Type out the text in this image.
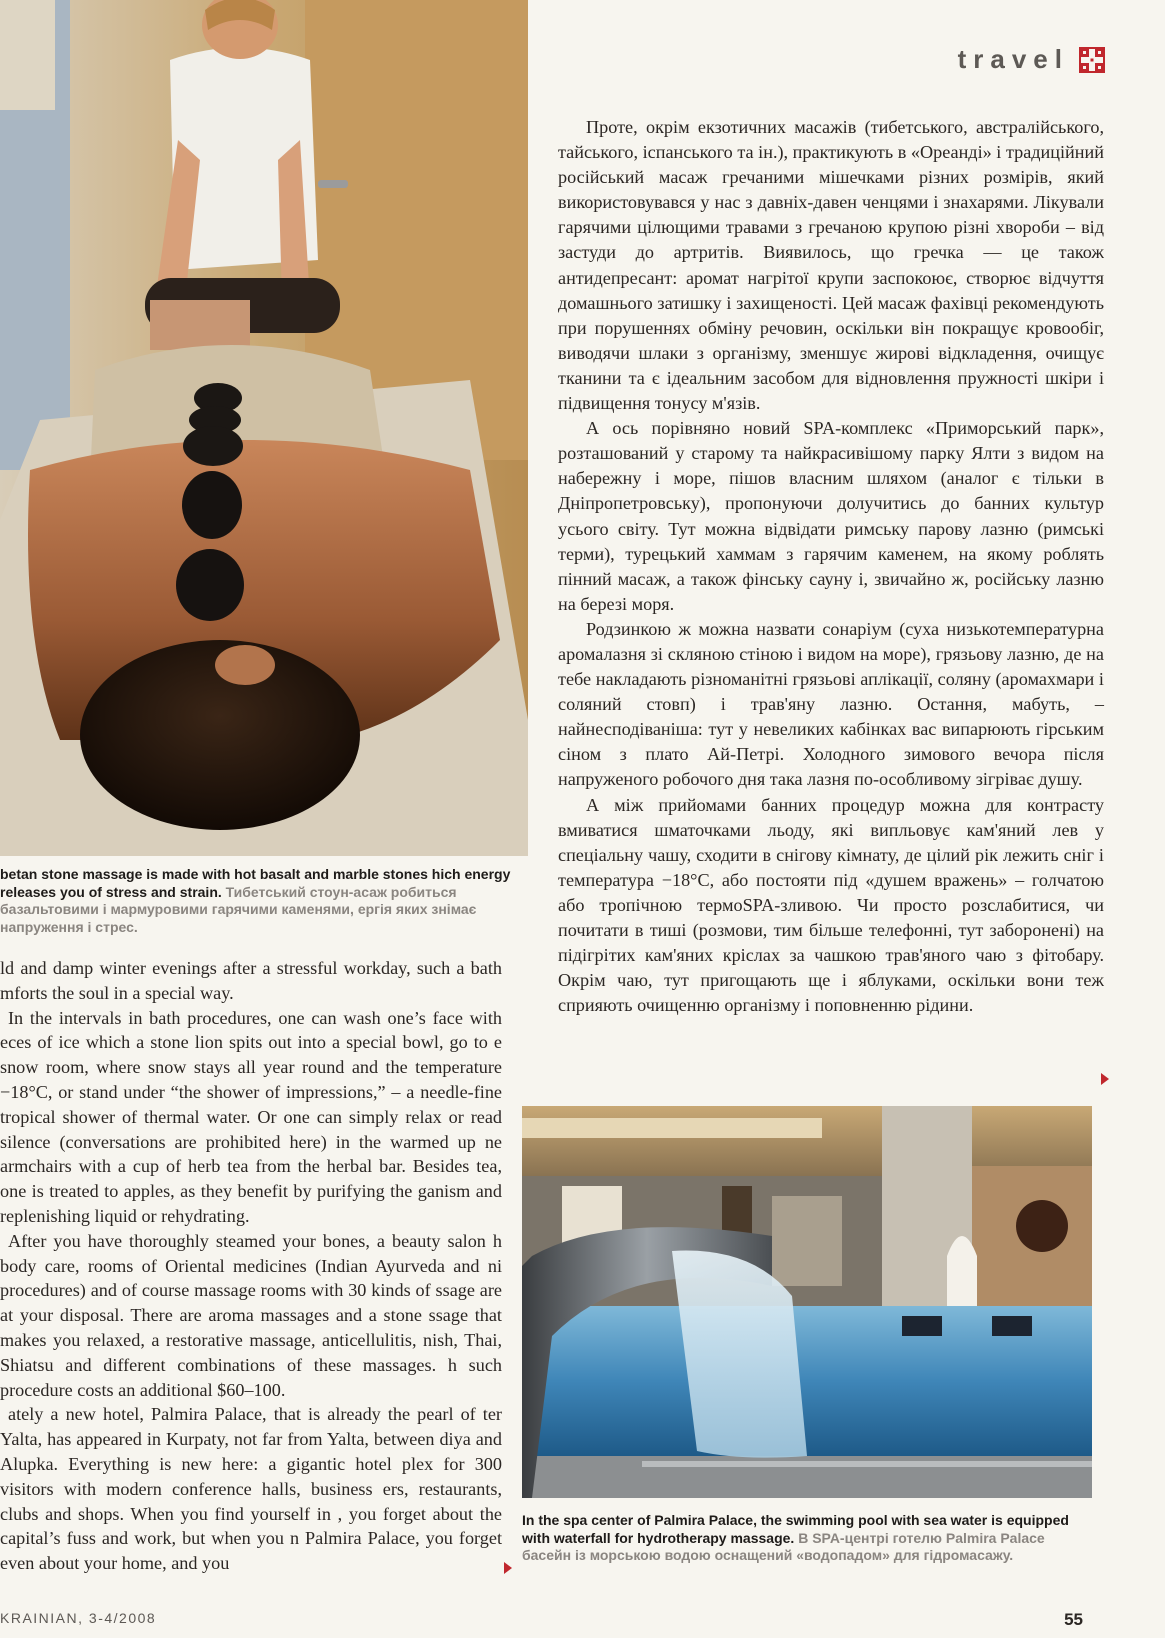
betan stone massage is made with hot basalt and marble stones hich energy releases you of stress and strain. Тибетський стоун-асаж робиться базальтовими і мармуровими гарячими каменями, ергія яких знімає напруження і стрес.

ld and damp winter evenings after a stressful workday, such a bath mforts the soul in a special way.

In the intervals in bath procedures, one can wash one’s face with eces of ice which a stone lion spits out into a special bowl, go to e snow room, where snow stays all year round and the temperature −18°C, or stand under “the shower of impressions,” – a needle-fine tropical shower of thermal water. Or one can simply relax or read silence (conversations are prohibited here) in the warmed up ne armchairs with a cup of herb tea from the herbal bar. Besides tea, one is treated to apples, as they benefit by purifying the ganism and replenishing liquid or rehydrating.

After you have thoroughly steamed your bones, a beauty salon h body care, rooms of Oriental medicines (Indian Ayurveda and ni procedures) and of course massage rooms with 30 kinds of ssage are at your disposal. There are aroma massages and a stone ssage that makes you relaxed, a restorative massage, anticellulitis, nish, Thai, Shiatsu and different combinations of these massages. h such procedure costs an additional $60–100.

ately a new hotel, Palmira Palace, that is already the pearl of ter Yalta, has appeared in Kurpaty, not far from Yalta, between diya and Alupka. Everything is new here: a gigantic hotel plex for 300 visitors with modern conference halls, business ers, restaurants, clubs and shops. When you find yourself in , you forget about the capital’s fuss and work, but when you n Palmira Palace, you forget even about your home, and you

travel

Проте, окрім екзотичних масажів (тибетського, австралійського, тайського, іспанського та ін.), практикують в «Ореанді» і традиційний російський масаж гречаними мішечками різних розмірів, який використовувався у нас з давніх-давен ченцями і знахарями. Лікували гарячими цілющими травами з гречаною крупою різні хвороби – від застуди до артритів. Виявилось, що гречка — це також антидепресант: аромат нагрітої крупи заспокоює, створює відчуття домашнього затишку і захищеності. Цей масаж фахівці рекомендують при порушеннях обміну речовин, оскільки він покращує кровообіг, виводячи шлаки з організму, зменшує жирові відкладення, очищує тканини та є ідеальним засобом для відновлення пружності шкіри і підвищення тонусу м'язів.

А ось порівняно новий SPA-комплекс «Приморський парк», розташований у старому та найкрасивішому парку Ялти з видом на набережну і море, пішов власним шляхом (аналог є тільки в Дніпропетровську), пропонуючи долучитись до банних культур усього світу. Тут можна відвідати римську парову лазню (римські терми), турецький хаммам з гарячим каменем, на якому роблять пінний масаж, а також фінську сауну і, звичайно ж, російську лазню на березі моря.

Родзинкою ж можна назвати сонаріум (суха низькотемпературна аромалазня зі скляною стіною і видом на море), грязьову лазню, де на тебе накладають різноманітні грязьові аплікації, соляну (аромахмари і соляний стовп) і трав'яну лазню. Остання, мабуть, – найнесподіваніша: тут у невеликих кабінках вас випарюють гірським сіном з плато Ай-Петрі. Холодного зимового вечора після напруженого робочого дня така лазня по-особливому зігріває душу.

А між прийомами банних процедур можна для контрасту вмиватися шматочками льоду, які випльовує кам'яний лев у спеціальну чашу, сходити в снігову кімнату, де цілий рік лежить сніг і температура −18°С, або постояти під «душем вражень» – голчатою або тропічною термоSPA-зливою. Чи просто розслабитися, чи почитати в тиші (розмови, тим більше телефонні, тут заборонені) на підігрітих кам'яних кріслах за чашкою трав'яного чаю з фітобару. Окрім чаю, тут пригощають ще і яблуками, оскільки вони теж сприяють очищенню організму і поповненню рідини.

In the spa center of Palmira Palace, the swimming pool with sea water is equipped with waterfall for hydrotherapy massage. В SPA-центрі готелю Palmira Palace басейн із морською водою оснащений «водопадом» для гідромасажу.
KRAINIAN, 3-4/2008	55
